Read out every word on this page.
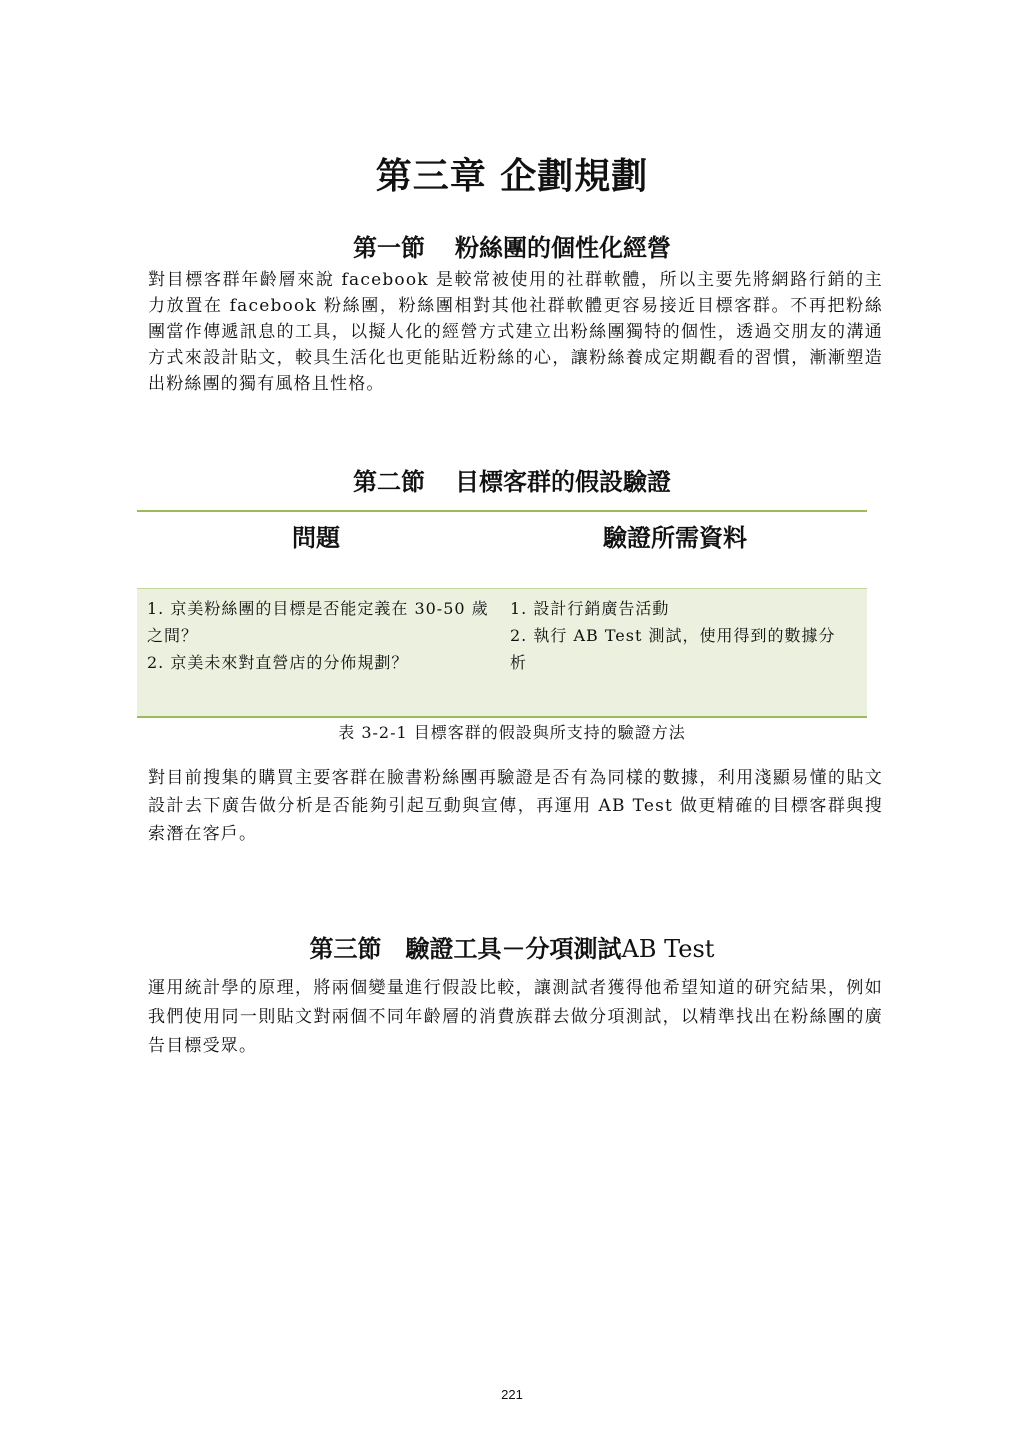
第三章 企劃規劃
第一節 粉絲團的個性化經營
對目標客群年齡層來說 facebook 是較常被使用的社群軟體，所以主要先將網路行銷的主力放置在 facebook 粉絲團，粉絲團相對其他社群軟體更容易接近目標客群。不再把粉絲團當作傳遞訊息的工具，以擬人化的經營方式建立出粉絲團獨特的個性，透過交朋友的溝通方式來設計貼文，較具生活化也更能貼近粉絲的心，讓粉絲養成定期觀看的習慣，漸漸塑造出粉絲團的獨有風格且性格。
第二節 目標客群的假設驗證
問題	驗證所需資料
1. 京美粉絲團的目標是否能定義在 30-50 歲之間？
2. 京美未來對直營店的分佈規劃？
1. 設計行銷廣告活動
2. 執行 AB Test 測試，使用得到的數據分析
表 3-2-1 目標客群的假設與所支持的驗證方法
對目前搜集的購買主要客群在臉書粉絲團再驗證是否有為同樣的數據，利用淺顯易懂的貼文設計去下廣告做分析是否能夠引起互動與宣傳，再運用 AB Test 做更精確的目標客群與搜索潛在客戶。
第三節 驗證工具－分項測試AB Test
運用統計學的原理，將兩個變量進行假設比較，讓測試者獲得他希望知道的研究結果，例如我們使用同一則貼文對兩個不同年齡層的消費族群去做分項測試，以精準找出在粉絲團的廣告目標受眾。
221
